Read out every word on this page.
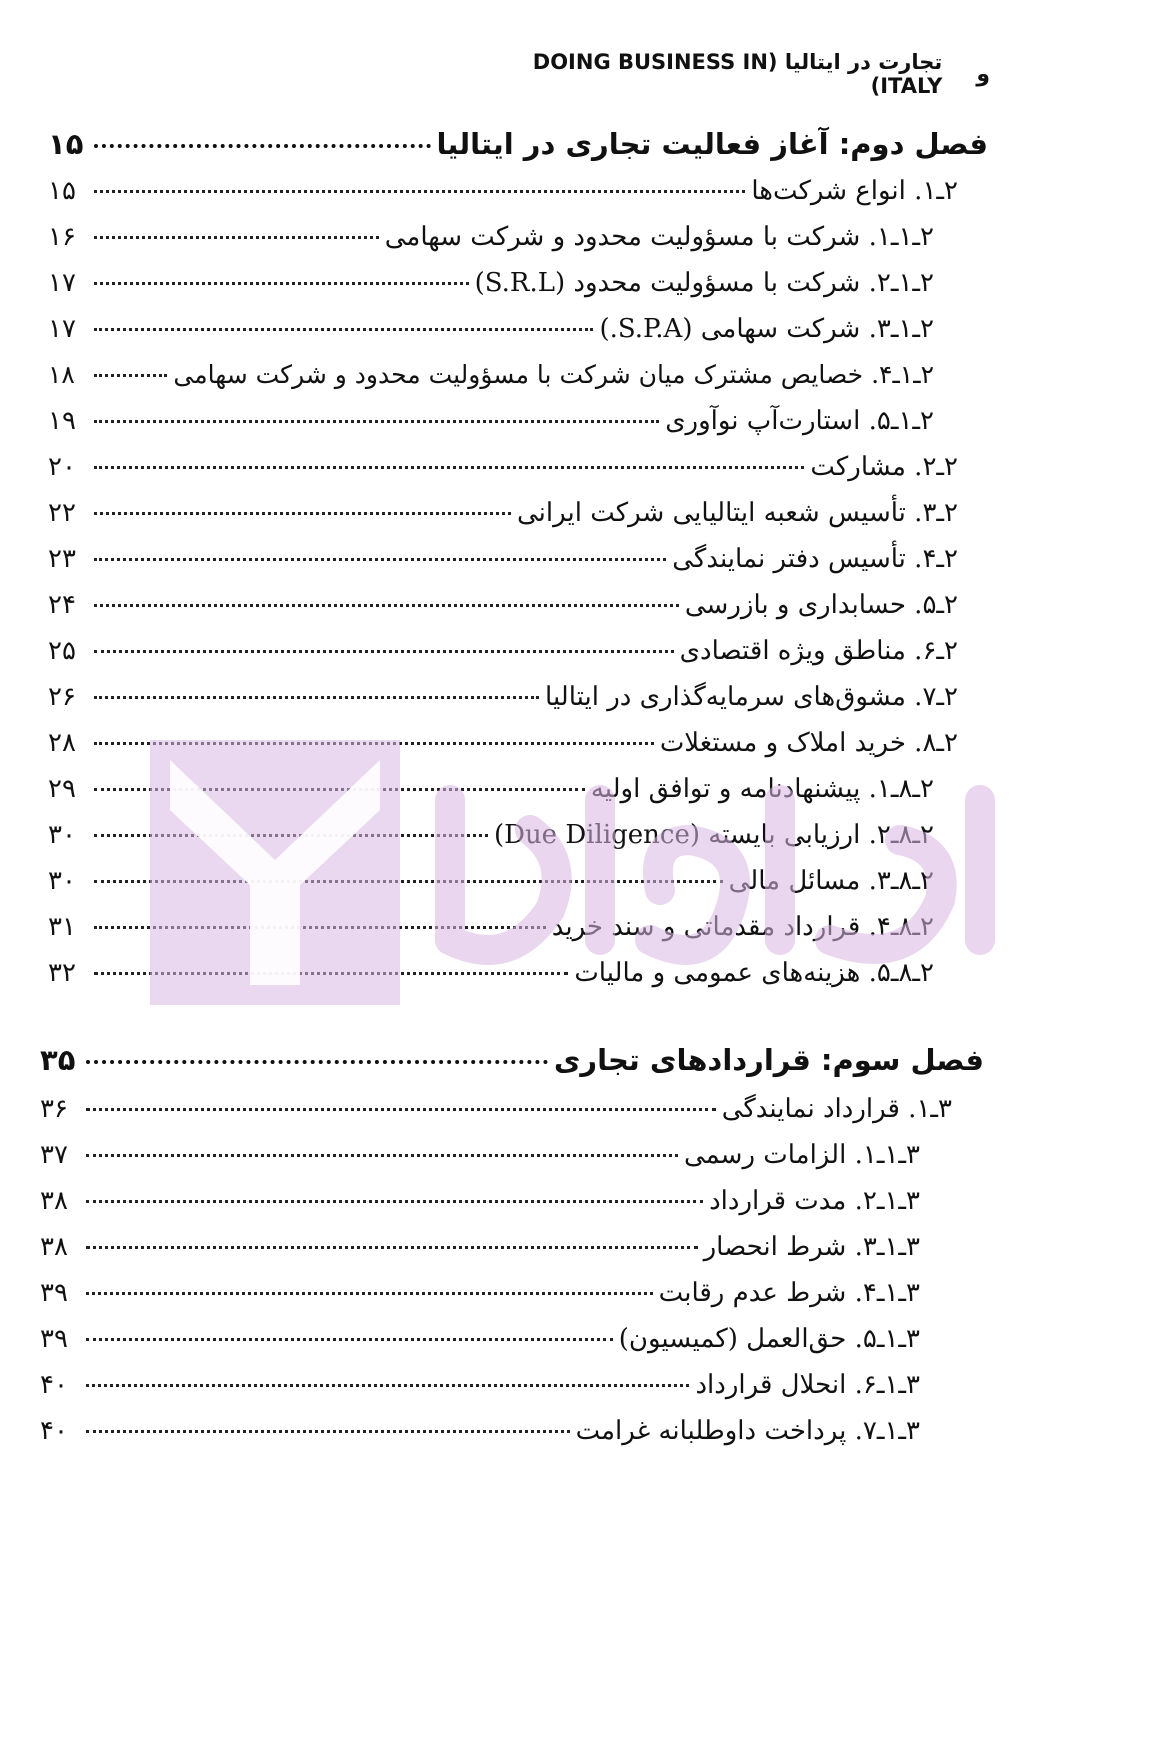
و
تجارت در ایتالیا (DOING BUSINESS IN ITALY)
فصل دوم: آغاز فعالیت تجاری در ایتالیا
۱۵
۲ـ۱. انواع شرکت‌ها
۱۵
۲ـ۱ـ۱. شرکت با مسؤولیت محدود و شرکت سهامی
۱۶
۲ـ۱ـ۲. شرکت با مسؤولیت محدود (S.R.L)
۱۷
۲ـ۱ـ۳. شرکت سهامی (S.P.A.)
۱۷
۲ـ۱ـ۴. خصایص مشترک میان شرکت با مسؤولیت محدود و شرکت سهامی
۱۸
۲ـ۱ـ۵. استارت‌آپ نوآوری
۱۹
۲ـ۲. مشارکت
۲۰
۲ـ۳. تأسیس شعبه ایتالیایی شرکت ایرانی
۲۲
۲ـ۴. تأسیس دفتر نمایندگی
۲۳
۲ـ۵. حسابداری و بازرسی
۲۴
۲ـ۶. مناطق ویژه اقتصادی
۲۵
۲ـ۷. مشوق‌های سرمایه‌گذاری در ایتالیا
۲۶
۲ـ۸. خرید املاک و مستغلات
۲۸
۲ـ۸ـ۱. پیشنهادنامه و توافق اولیه
۲۹
۲ـ۸ـ۲. ارزیابی بایسته (Due Diligence)
۳۰
۲ـ۸ـ۳. مسائل مالی
۳۰
۲ـ۸ـ۴. قرارداد مقدماتی و سند خرید
۳۱
۲ـ۸ـ۵. هزینه‌های عمومی و مالیات
۳۲
فصل سوم: قراردادهای تجاری
۳۵
۳ـ۱. قرارداد نمایندگی
۳۶
۳ـ۱ـ۱. الزامات رسمی
۳۷
۳ـ۱ـ۲. مدت قرارداد
۳۸
۳ـ۱ـ۳. شرط انحصار
۳۸
۳ـ۱ـ۴. شرط عدم رقابت
۳۹
۳ـ۱ـ۵. حق‌العمل (کمیسیون)
۳۹
۳ـ۱ـ۶. انحلال قرارداد
۴۰
۳ـ۱ـ۷. پرداخت داوطلبانه غرامت
۴۰
